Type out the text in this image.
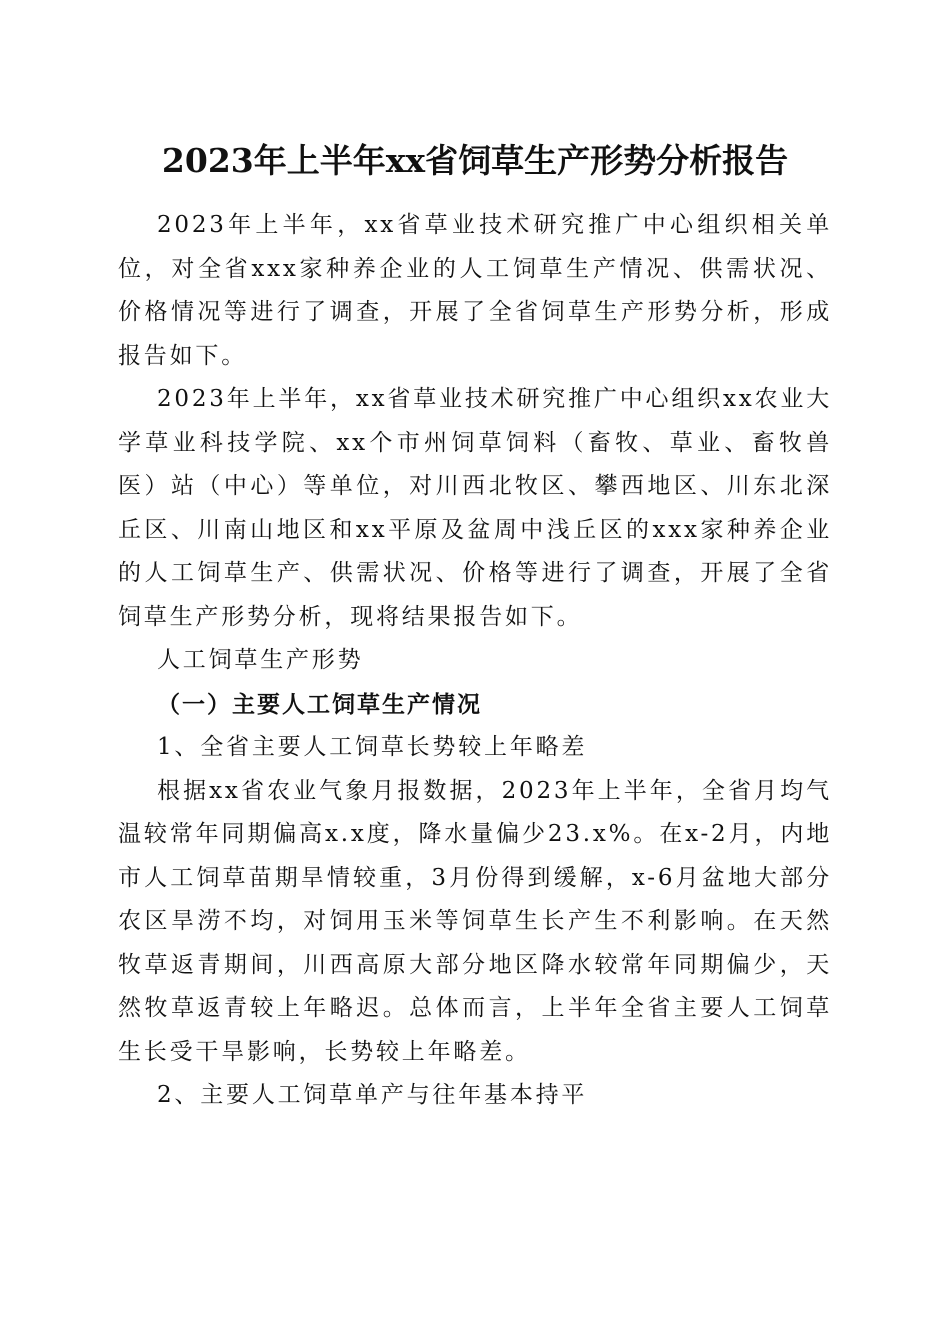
2023年上半年xx省饲草生产形势分析报告

2023年上半年，xx省草业技术研究推广中心组织相关单位，对全省xxx家种养企业的人工饲草生产情况、供需状况、价格情况等进行了调查，开展了全省饲草生产形势分析，形成报告如下。

2023年上半年，xx省草业技术研究推广中心组织xx农业大学草业科技学院、xx个市州饲草饲料（畜牧、草业、畜牧兽医）站（中心）等单位，对川西北牧区、攀西地区、川东北深丘区、川南山地区和xx平原及盆周中浅丘区的xxx家种养企业的人工饲草生产、供需状况、价格等进行了调查，开展了全省饲草生产形势分析，现将结果报告如下。

人工饲草生产形势

（一）主要人工饲草生产情况

1、全省主要人工饲草长势较上年略差

根据xx省农业气象月报数据，2023年上半年，全省月均气温较常年同期偏高x.x度，降水量偏少23.x%。在x-2月，内地市人工饲草苗期旱情较重，3月份得到缓解，x-6月盆地大部分农区旱涝不均，对饲用玉米等饲草生长产生不利影响。在天然牧草返青期间，川西高原大部分地区降水较常年同期偏少，天然牧草返青较上年略迟。总体而言，上半年全省主要人工饲草生长受干旱影响，长势较上年略差。

2、主要人工饲草单产与往年基本持平
